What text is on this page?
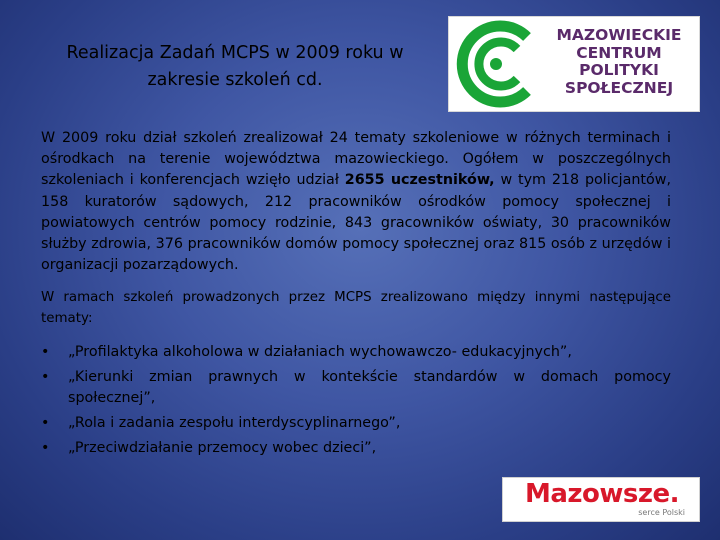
Realizacja Zadań MCPS w 2009 roku w
zakresie szkoleń cd.
MAZOWIECKIE
CENTRUM
POLITYKI
SPOŁECZNEJ

W 2009 roku dział szkoleń zrealizował 24 tematy szkoleniowe w różnych terminach i ośrodkach na terenie województwa mazowieckiego. Ogółem w poszczególnych szkoleniach i konferencjach wzięło udział 2655 uczestników, w tym 218 policjantów, 158 kuratorów sądowych, 212 pracowników ośrodków pomocy społecznej i powiatowych centrów pomocy rodzinie, 843 gracowników oświaty, 30 pracowników służby zdrowia, 376 pracowników domów pomocy społecznej oraz 815 osób z urzędów i organizacji pozarządowych.

W ramach szkoleń prowadzonych przez MCPS zrealizowano między innymi następujące tematy:

• „Profilaktyka alkoholowa w działaniach wychowawczo- edukacyjnych”,
• „Kierunki zmian prawnych w kontekście standardów w domach pomocy społecznej”,
• „Rola i zadania zespołu interdyscyplinarnego”,
• „Przeciwdziałanie przemocy wobec dzieci”,
Mazowsze.
serce Polski
